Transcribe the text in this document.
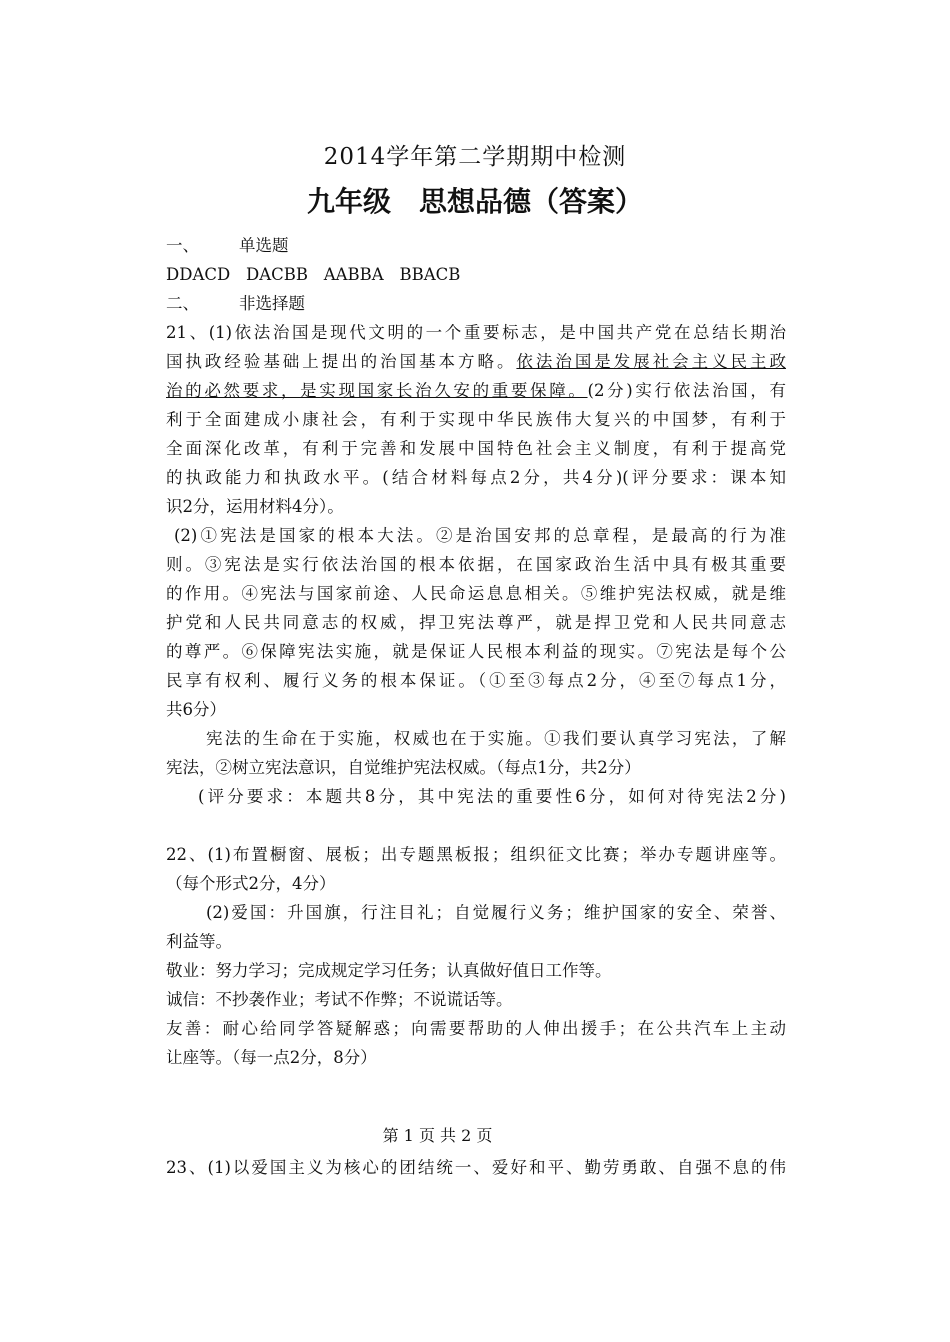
2014学年第二学期期中检测
九年级 思想品德（答案）
一、 单选题
DDACD   DACBB   AABBA   BBACB
二、 非选择题
21、(1)依法治国是现代文明的一个重要标志，是中国共产党在总结长期治
国执政经验基础上提出的治国基本方略。依法治国是发展社会主义民主政
治的必然要求，是实现国家长治久安的重要保障。(2分)实行依法治国，有
利于全面建成小康社会，有利于实现中华民族伟大复兴的中国梦，有利于
全面深化改革，有利于完善和发展中国特色社会主义制度，有利于提高党
的执政能力和执政水平。(结合材料每点2分，共4分)(评分要求：课本知
识2分，运用材料4分）。
(2)①宪法是国家的根本大法。②是治国安邦的总章程，是最高的行为准
则。③宪法是实行依法治国的根本依据，在国家政治生活中具有极其重要
的作用。④宪法与国家前途、人民命运息息相关。⑤维护宪法权威，就是维
护党和人民共同意志的权威，捍卫宪法尊严，就是捍卫党和人民共同意志
的尊严。⑥保障宪法实施，就是保证人民根本利益的现实。⑦宪法是每个公
民享有权利、履行义务的根本保证。（①至③每点2分，④至⑦每点1分，
共6分）
宪法的生命在于实施，权威也在于实施。①我们要认真学习宪法，了解
宪法，②树立宪法意识，自觉维护宪法权威。（每点1分，共2分）
(评分要求：本题共8分，其中宪法的重要性6分，如何对待宪法2分)
22、(1)布置橱窗、展板；出专题黑板报；组织征文比赛；举办专题讲座等。
（每个形式2分，4分）
(2)爱国：升国旗，行注目礼；自觉履行义务；维护国家的安全、荣誉、
利益等。
敬业：努力学习；完成规定学习任务；认真做好值日工作等。
诚信：不抄袭作业；考试不作弊；不说谎话等。
友善：耐心给同学答疑解惑；向需要帮助的人伸出援手；在公共汽车上主动
让座等。（每一点2分，8分）
第 1 页 共 2 页
23、(1)以爱国主义为核心的团结统一、爱好和平、勤劳勇敢、自强不息的伟
